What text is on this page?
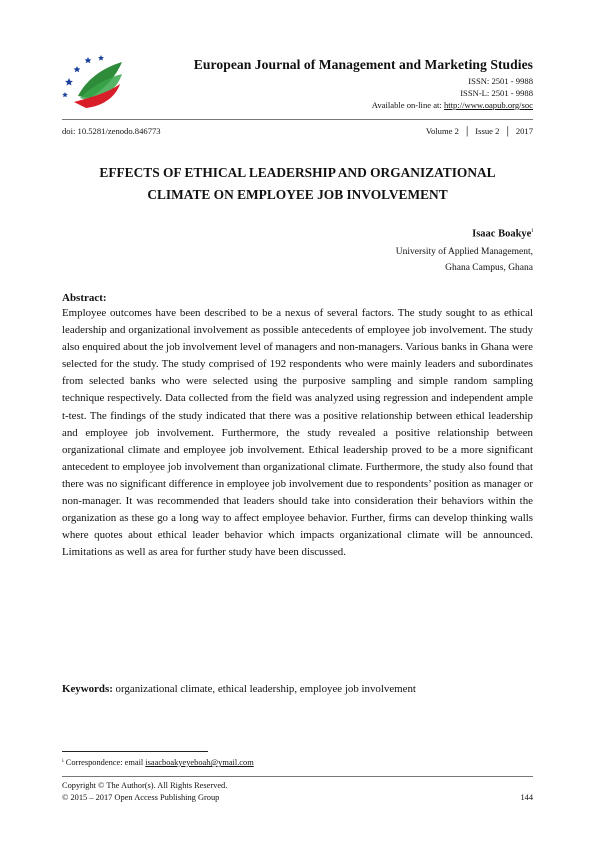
European Journal of Management and Marketing Studies
ISSN: 2501 - 9988
ISSN-L: 2501 - 9988
Available on-line at: http://www.oapub.org/soc
doi: 10.5281/zenodo.846773	Volume 2 │ Issue 2 │ 2017
EFFECTS OF ETHICAL LEADERSHIP AND ORGANIZATIONAL
CLIMATE ON EMPLOYEE JOB INVOLVEMENT
Isaac Boakye$^i$
University of Applied Management,
Ghana Campus, Ghana
Abstract:
Employee outcomes have been described to be a nexus of several factors. The study sought to as ethical leadership and organizational involvement as possible antecedents of employee job involvement. The study also enquired about the job involvement level of managers and non-managers. Various banks in Ghana were selected for the study. The study comprised of 192 respondents who were mainly leaders and subordinates from selected banks who were selected using the purposive sampling and simple random sampling technique respectively. Data collected from the field was analyzed using regression and independent ample t-test. The findings of the study indicated that there was a positive relationship between ethical leadership and employee job involvement. Furthermore, the study revealed a positive relationship between organizational climate and employee job involvement. Ethical leadership proved to be a more significant antecedent to employee job involvement than organizational climate. Furthermore, the study also found that there was no significant difference in employee job involvement due to respondents’ position as manager or non-manager. It was recommended that leaders should take into consideration their behaviors within the organization as these go a long way to affect employee behavior. Further, firms can develop thinking walls where quotes about ethical leader behavior which impacts organizational climate will be announced. Limitations as well as area for further study have been discussed.
Keywords: organizational climate, ethical leadership, employee job involvement
ⁱ Correspondence: email isaacboakyeyeboah@ymail.com
Copyright © The Author(s). All Rights Reserved.
© 2015 – 2017 Open Access Publishing Group	144
